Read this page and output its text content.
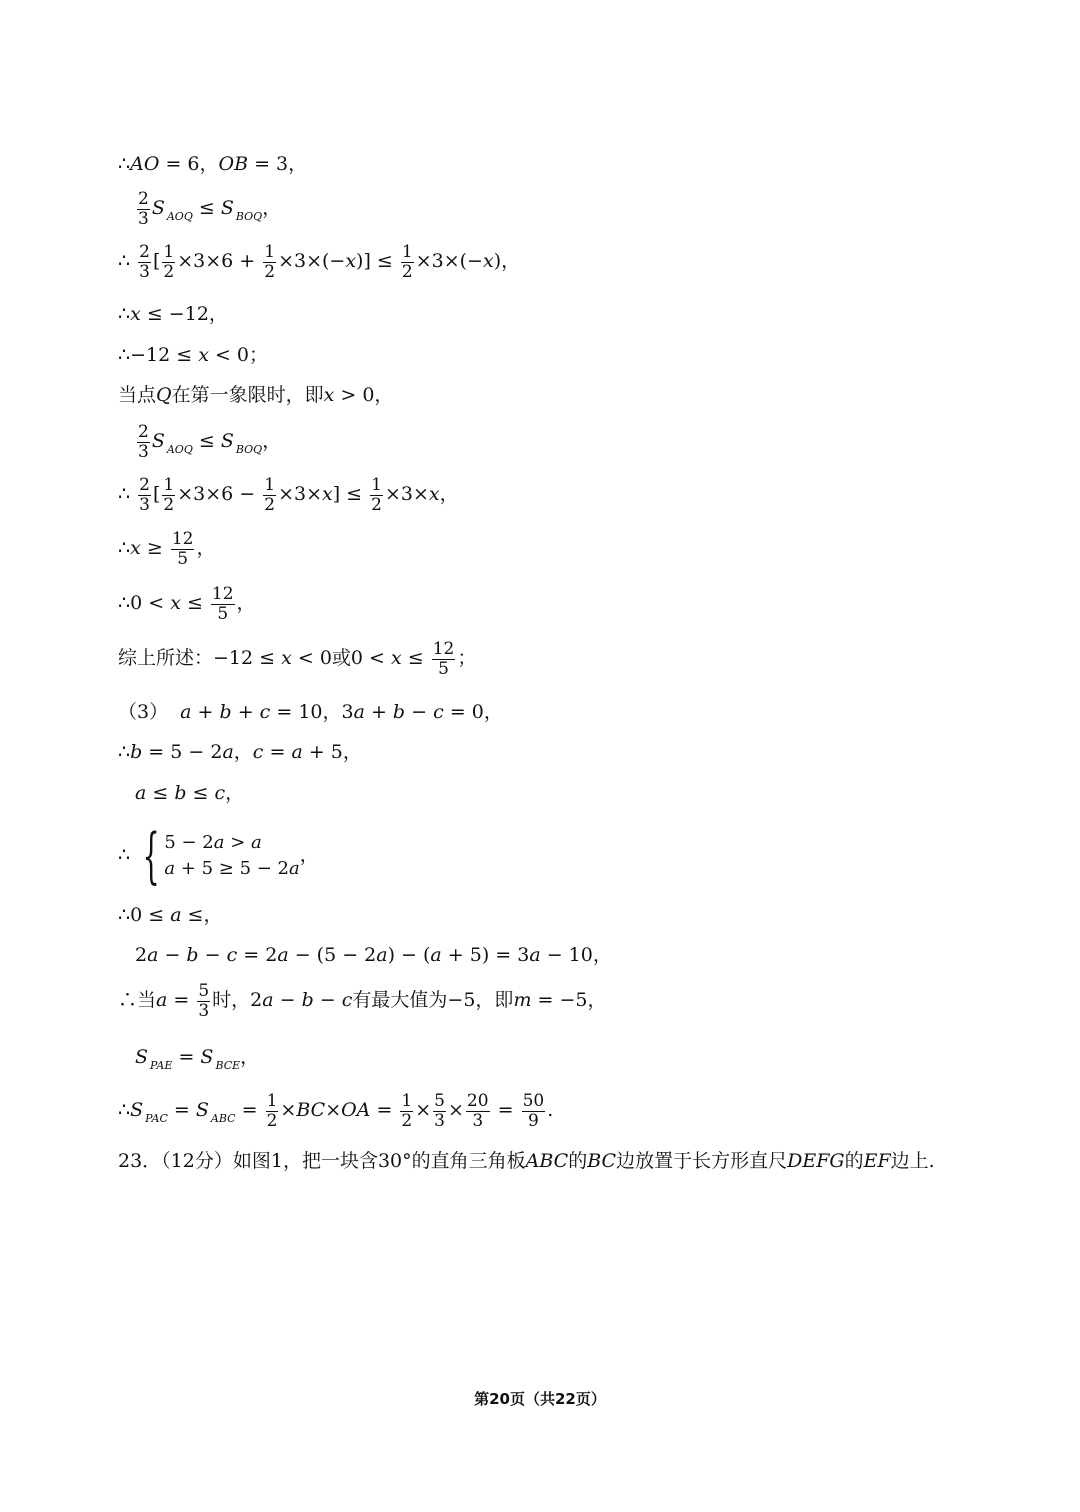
∴AO = 6，OB = 3，
$\frac{2}{3}$ S $_{AOQ}$ ≤ S $_{BOQ}$，
∴ $\frac{2}{3}$ [ $\frac{1}{2} \times 3\times 6 + \frac{1}{2} \times 3\times(-x)] \le \frac{1}{2} \times 3\times(-x)$，
∴x ≤ −12，
∴−12 ≤ x < 0；
当点Q在第一象限时，即x > 0，
$\frac{2}{3}$ S $_{AOQ}$ ≤ S $_{BOQ}$，
∴ $\frac{2}{3}$ [ $\frac{1}{2} \times 3\times 6 - \frac{1}{2} \times 3\times x] \le \frac{1}{2} \times 3\times x$，
∴x ≥ $\frac{12}{5}$ ，
∴0 < $x \le \frac{12}{5}$ ，
综上所述：−12 ≤ x < 0或$0 < x \le \frac{12}{5}$ ；
（3）  a + b + c = 10，3a + b − c = 0，
∴b = 5 − 2a，c = a + 5，
a ≤ b ≤ c，
∴ { 5 − 2a > a
a + 5 ≥ 5 − 2a
，
∴0 ≤ a ≤，
2a − b − c = 2a − (5 − 2a) − (a + 5) = 3a − 10，
∴当$a = \frac{5}{3}$ 时，2a − b − c有最大值为−5，即m = −5，
S $_{PAE}$ = S $_{BCE}$，
∴S $_{PAC}$ = S $_{ABC} = \frac{1}{2} \times BC\times OA = \frac{1}{2} \times \frac{5}{3} \times \frac{20}{3} = \frac{50}{9}$ .
23．（12分）如图1，把一块含30°的直角三角板ABC的BC边放置于长方形直尺DEFG的EF边上.
第20页（共22页）
